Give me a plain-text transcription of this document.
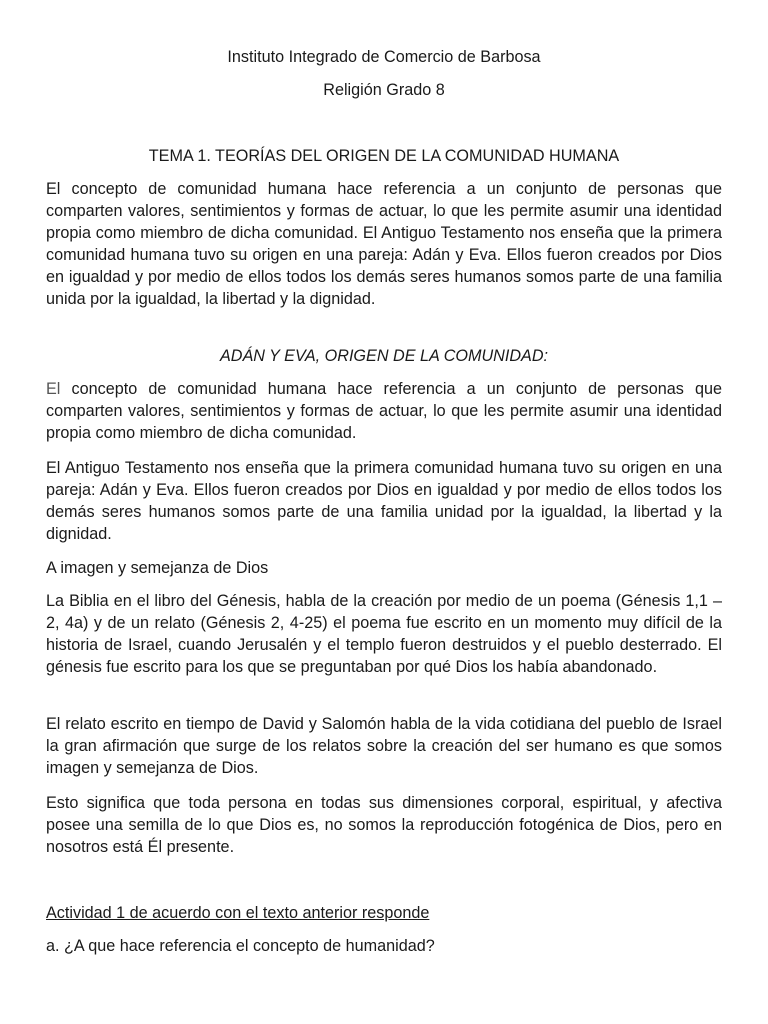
Instituto Integrado de Comercio de Barbosa

Religión Grado 8

TEMA 1. TEORÍAS DEL ORIGEN DE LA COMUNIDAD HUMANA

El concepto de comunidad humana hace referencia a un conjunto de personas que comparten valores, sentimientos y formas de actuar, lo que les permite asumir una identidad propia como miembro de dicha comunidad. El Antiguo Testamento nos enseña que la primera comunidad humana tuvo su origen en una pareja: Adán y Eva. Ellos fueron creados por Dios en igualdad y por medio de ellos todos los demás seres humanos somos parte de una familia unida por la igualdad, la libertad y la dignidad.

ADÁN Y EVA, ORIGEN DE LA COMUNIDAD:

El concepto de comunidad humana hace referencia a un conjunto de personas que comparten valores, sentimientos y formas de actuar, lo que les permite asumir una identidad propia como miembro de dicha comunidad.

El Antiguo Testamento nos enseña que la primera comunidad humana tuvo su origen en una pareja: Adán y Eva. Ellos fueron creados por Dios en igualdad y por medio de ellos todos los demás seres humanos somos parte de una familia unidad por la igualdad, la libertad y la dignidad.

A imagen y semejanza de Dios

La Biblia en el libro del Génesis, habla de la creación por medio de un poema (Génesis 1,1 – 2, 4a) y de un relato (Génesis 2, 4-25) el poema fue escrito en un momento muy difícil de la historia de Israel, cuando Jerusalén y el templo fueron destruidos y el pueblo desterrado. El génesis fue escrito para los que se preguntaban por qué Dios los había abandonado.

El relato escrito en tiempo de David y Salomón habla de la vida cotidiana del pueblo de Israel la gran afirmación que surge de los relatos sobre la creación del ser humano es que somos imagen y semejanza de Dios.

Esto significa que toda persona en todas sus dimensiones corporal, espiritual, y afectiva posee una semilla de lo que Dios es, no somos la reproducción fotogénica de Dios, pero en nosotros está Él presente.

Actividad 1 de acuerdo con el texto anterior responde

a. ¿A que hace referencia el concepto de humanidad?
